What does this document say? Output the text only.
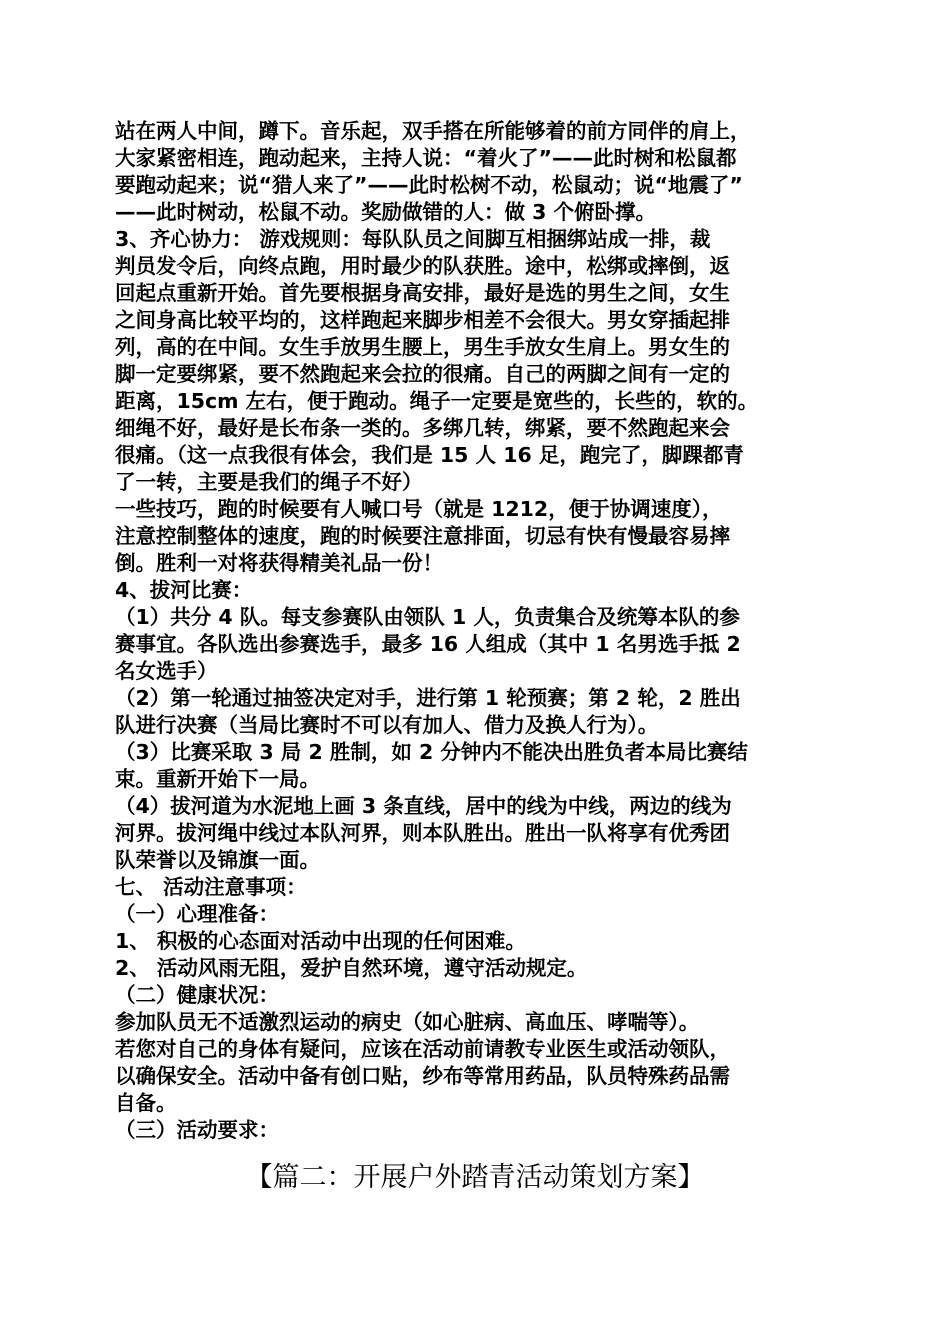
站在两人中间，蹲下。音乐起，双手搭在所能够着的前方同伴的肩上，
大家紧密相连，跑动起来，主持人说：“着火了”——此时树和松鼠都
要跑动起来；说“猎人来了”——此时松树不动，松鼠动；说“地震了”
——此时树动，松鼠不动。奖励做错的人：做 3 个俯卧撑。
3、齐心协力： 游戏规则：每队队员之间脚互相捆绑站成一排，裁
判员发令后，向终点跑，用时最少的队获胜。途中，松绑或摔倒，返
回起点重新开始。首先要根据身高安排，最好是选的男生之间，女生
之间身高比较平均的，这样跑起来脚步相差不会很大。男女穿插起排
列，高的在中间。女生手放男生腰上，男生手放女生肩上。男女生的
脚一定要绑紧，要不然跑起来会拉的很痛。自己的两脚之间有一定的
距离，15cm 左右，便于跑动。绳子一定要是宽些的，长些的，软的。
细绳不好，最好是长布条一类的。多绑几转，绑紧，要不然跑起来会
很痛。（这一点我很有体会，我们是 15 人 16 足，跑完了，脚踝都青
了一转，主要是我们的绳子不好）
一些技巧，跑的时候要有人喊口号（就是 1212，便于协调速度），
注意控制整体的速度，跑的时候要注意排面，切忌有快有慢最容易摔
倒。胜利一对将获得精美礼品一份！
4、拔河比赛：
（1）共分 4 队。每支参赛队由领队 1 人，负责集合及统筹本队的参
赛事宜。各队选出参赛选手，最多 16 人组成（其中 1 名男选手抵 2
名女选手）
（2）第一轮通过抽签决定对手，进行第 1 轮预赛；第 2 轮，2 胜出
队进行决赛（当局比赛时不可以有加人、借力及换人行为）。
（3）比赛采取 3 局 2 胜制，如 2 分钟内不能决出胜负者本局比赛结
束。重新开始下一局。
（4）拔河道为水泥地上画 3 条直线，居中的线为中线，两边的线为
河界。拔河绳中线过本队河界，则本队胜出。胜出一队将享有优秀团
队荣誉以及锦旗一面。
七、 活动注意事项：
（一）心理准备：
1、 积极的心态面对活动中出现的任何困难。
2、 活动风雨无阻，爱护自然环境，遵守活动规定。
（二）健康状况：
参加队员无不适激烈运动的病史（如心脏病、高血压、哮喘等）。
若您对自己的身体有疑问，应该在活动前请教专业医生或活动领队，
以确保安全。活动中备有创口贴，纱布等常用药品，队员特殊药品需
自备。
（三）活动要求：
【篇二：开展户外踏青活动策划方案】
